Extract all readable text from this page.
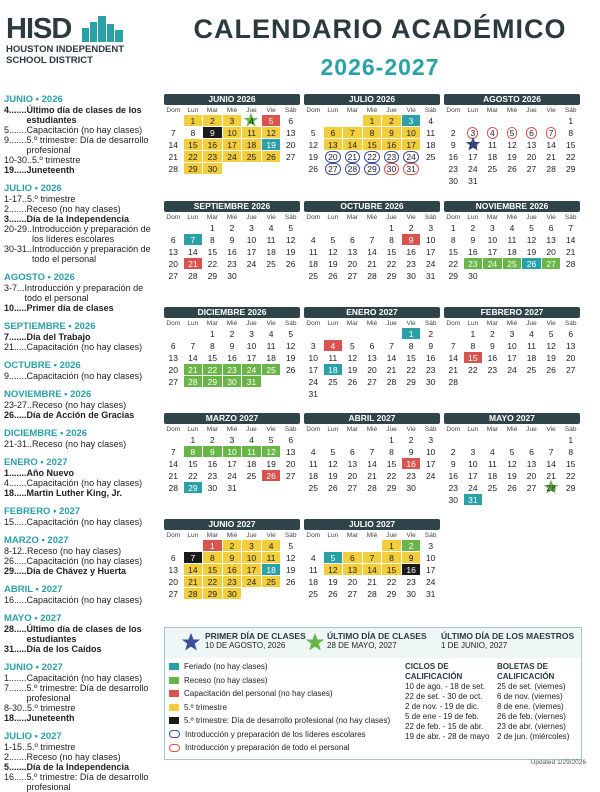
HISD
HOUSTON INDEPENDENT
SCHOOL DISTRICT
CALENDARIO ACADÉMICO
2026-2027
JUNIO • 2026
4 ....... Último día de clases de los estudiantes
5 ....... Capacitación (no hay clases)
9 ....... 5.º trimestre: Día de desarrollo profesional
10-30 .. 5.º trimestre
19 ..... Juneteenth
JULIO • 2026
1-17 .. 5.º trimestre
2 ....... Receso (no hay clases)
3 ....... Día de la Independencia
20-29 .. Introducción y preparación de los líderes escolares
30-31 .. Introducción y preparación de todo el personal
AGOSTO • 2026
3-7 ... Introducción y preparación de todo el personal
10 ..... Primer día de clases
SEPTIEMBRE • 2026
7 ....... Día del Trabajo
21 ..... Capacitación (no hay clases)
OCTUBRE • 2026
9 ....... Capacitación (no hay clases)
NOVIEMBRE • 2026
23-27 .. Receso (no hay clases)
26 ..... Día de Acción de Gracias
DICIEMBRE • 2026
21-31 .. Receso (no hay clases)
ENERO • 2027
1 ....... Año Nuevo
4 ....... Capacitación (no hay clases)
18 ..... Martin Luther King, Jr.
FEBRERO • 2027
15 ..... Capacitación (no hay clases)
MARZO • 2027
8-12 .. Receso (no hay clases)
26 ..... Capacitación (no hay clases)
29 ..... Día de Chávez y Huerta
ABRIL • 2027
16 ..... Capacitación (no hay clases)
MAYO • 2027
28 ..... Último día de clases de los estudiantes
31 ..... Día de los Caídos
JUNIO • 2027
1 ....... Capacitación (no hay clases)
7 ....... 5.º trimestre: Día de desarrollo profesional
8-30 .. 5.º trimestre
18 ..... Juneteenth
JULIO • 2027
1-15 .. 5.º trimestre
2 ....... Receso (no hay clases)
5 ....... Día de la Independencia
16 ..... 5.º trimestre: Día de desarrollo profesional
JUNIO 2026
Dom	Lun	Mar	Mié	Jue	Vie	Sáb
	1	2	3	4	5	6
7	8	9	10	11	12	13
14	15	16	17	18	19	20
21	22	23	24	25	26	27
28	29	30				
JULIO 2026
Dom	Lun	Mar	Mié	Jue	Vie	Sáb
			1	2	3	4
5	6	7	8	9	10	11
12	13	14	15	16	17	18
19	20	21	22	23	24	25
26	27	28	29	30	31	
AGOSTO 2026
Dom	Lun	Mar	Mié	Jue	Vie	Sáb
						1
2	3	4	5	6	7	8
9	10	11	12	13	14	15
16	17	18	19	20	21	22
23	24	25	26	27	28	29
30	31					
SEPTIEMBRE 2026
Dom	Lun	Mar	Mié	Jue	Vie	Sáb
		1	2	3	4	5
6	7	8	9	10	11	12
13	14	15	16	17	18	19
20	21	22	23	24	25	26
27	28	29	30			
OCTUBRE 2026
Dom	Lun	Mar	Mié	Jue	Vie	Sáb
				1	2	3
4	5	6	7	8	9	10
11	12	13	14	15	16	17
18	19	20	21	22	23	24
25	26	27	28	29	30	31
NOVIEMBRE 2026
Dom	Lun	Mar	Mié	Jue	Vie	Sáb
1	2	3	4	5	6	7
8	9	10	11	12	13	14
15	16	17	18	19	20	21
22	23	24	25	26	27	28
29	30					
DICIEMBRE 2026
Dom	Lun	Mar	Mié	Jue	Vie	Sáb
		1	2	3	4	5
6	7	8	9	10	11	12
13	14	15	16	17	18	19
20	21	22	23	24	25	26
27	28	29	30	31		
ENERO 2027
Dom	Lun	Mar	Mié	Jue	Vie	Sáb
					1	2
3	4	5	6	7	8	9
10	11	12	13	14	15	16
17	18	19	20	21	22	23
24	25	26	27	28	29	30
31						
FEBRERO 2027
Dom	Lun	Mar	Mié	Jue	Vie	Sáb
	1	2	3	4	5	6
7	8	9	10	11	12	13
14	15	16	17	18	19	20
21	22	23	24	25	26	27
28						
MARZO 2027
Dom	Lun	Mar	Mié	Jue	Vie	Sáb
	1	2	3	4	5	6
7	8	9	10	11	12	13
14	15	16	17	18	19	20
21	22	23	24	25	26	27
28	29	30	31			
ABRIL 2027
Dom	Lun	Mar	Mié	Jue	Vie	Sáb
				1	2	3
4	5	6	7	8	9	10
11	12	13	14	15	16	17
18	19	20	21	22	23	24
25	26	27	28	29	30	
MAYO 2027
Dom	Lun	Mar	Mié	Jue	Vie	Sáb
						1
2	3	4	5	6	7	8
9	10	11	12	13	14	15
16	17	18	19	20	21	22
23	24	25	26	27	28	29
30	31					
JUNIO 2027
Dom	Lun	Mar	Mié	Jue	Vie	Sáb
		1	2	3	4	5
6	7	8	9	10	11	12
13	14	15	16	17	18	19
20	21	22	23	24	25	26
27	28	29	30			
JULIO 2027
Dom	Lun	Mar	Mié	Jue	Vie	Sáb
				1	2	3
4	5	6	7	8	9	10
11	12	13	14	15	16	17
18	19	20	21	22	23	24
25	26	27	28	29	30	31
PRIMER DÍA DE CLASES
10 DE AGOSTO, 2026
ÚLTIMO DÍA DE CLASES
28 DE MAYO, 2027
ÚLTIMO DÍA DE LOS MAESTROS
1 DE JUNIO, 2027
Feriado (no hay clases)
Receso (no hay clases)
Capacitación del personal (no hay clases)
5.º trimestre
5.º trimestre: Día de desarrollo profesional (no hay clases)
Introducción y preparación de los líderes escolares
Introducción y preparación de todo el personal
CICLOS DE
CALIFICACIÓN
10 de ago. - 18 de set.
22 de set. - 30 de oct.
2 de nov. - 19 de dic.
5 de ene - 19 de feb.
22 de feb. - 15 de abr.
19 de abr. - 28 de mayo
BOLETAS DE
CALIFICACIÓN
25 de set. (viernes)
6 de nov. (viernes)
8 de ene. (viernes)
26 de feb. (viernes)
23 de abr. (viernes)
2 de jun. (miércoles)
Updated 1/29/2026
